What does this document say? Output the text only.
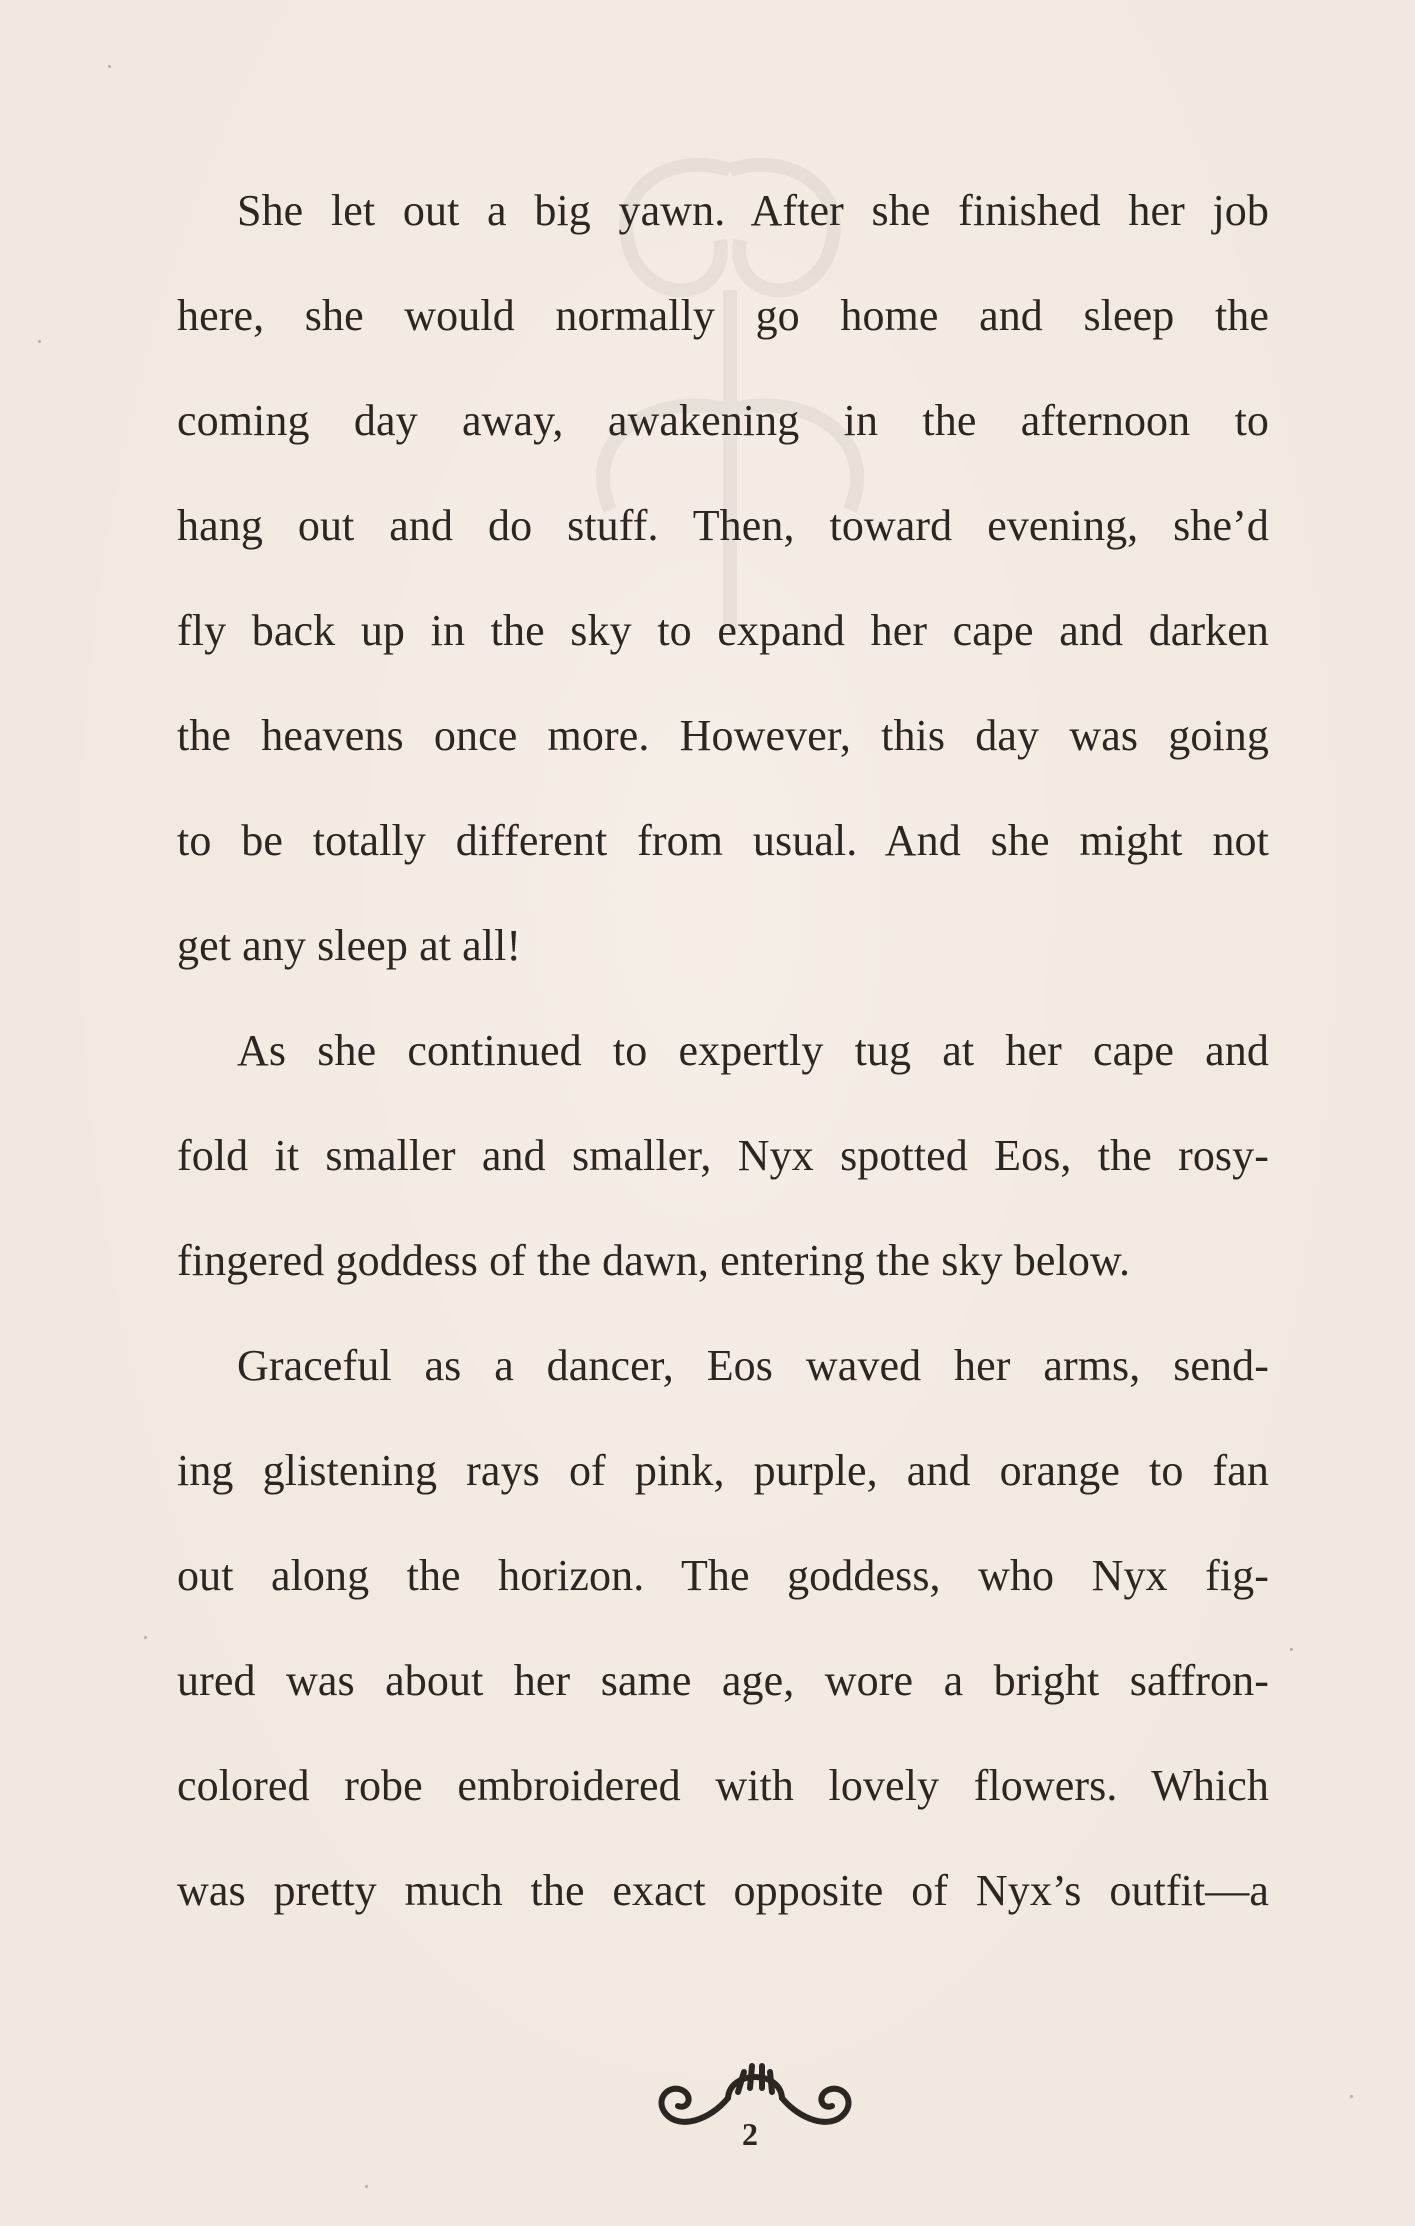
She let out a big yawn. After she finished her job
here, she would normally go home and sleep the
coming day away, awakening in the afternoon to
hang out and do stuff. Then, toward evening, she’d
fly back up in the sky to expand her cape and darken
the heavens once more. However, this day was going
to be totally different from usual. And she might not
get any sleep at all!
As she continued to expertly tug at her cape and
fold it smaller and smaller, Nyx spotted Eos, the rosy-
fingered goddess of the dawn, entering the sky below.
Graceful as a dancer, Eos waved her arms, send-
ing glistening rays of pink, purple, and orange to fan
out along the horizon. The goddess, who Nyx fig-
ured was about her same age, wore a bright saffron-
colored robe embroidered with lovely flowers. Which
was pretty much the exact opposite of Nyx’s outfit—a
2
